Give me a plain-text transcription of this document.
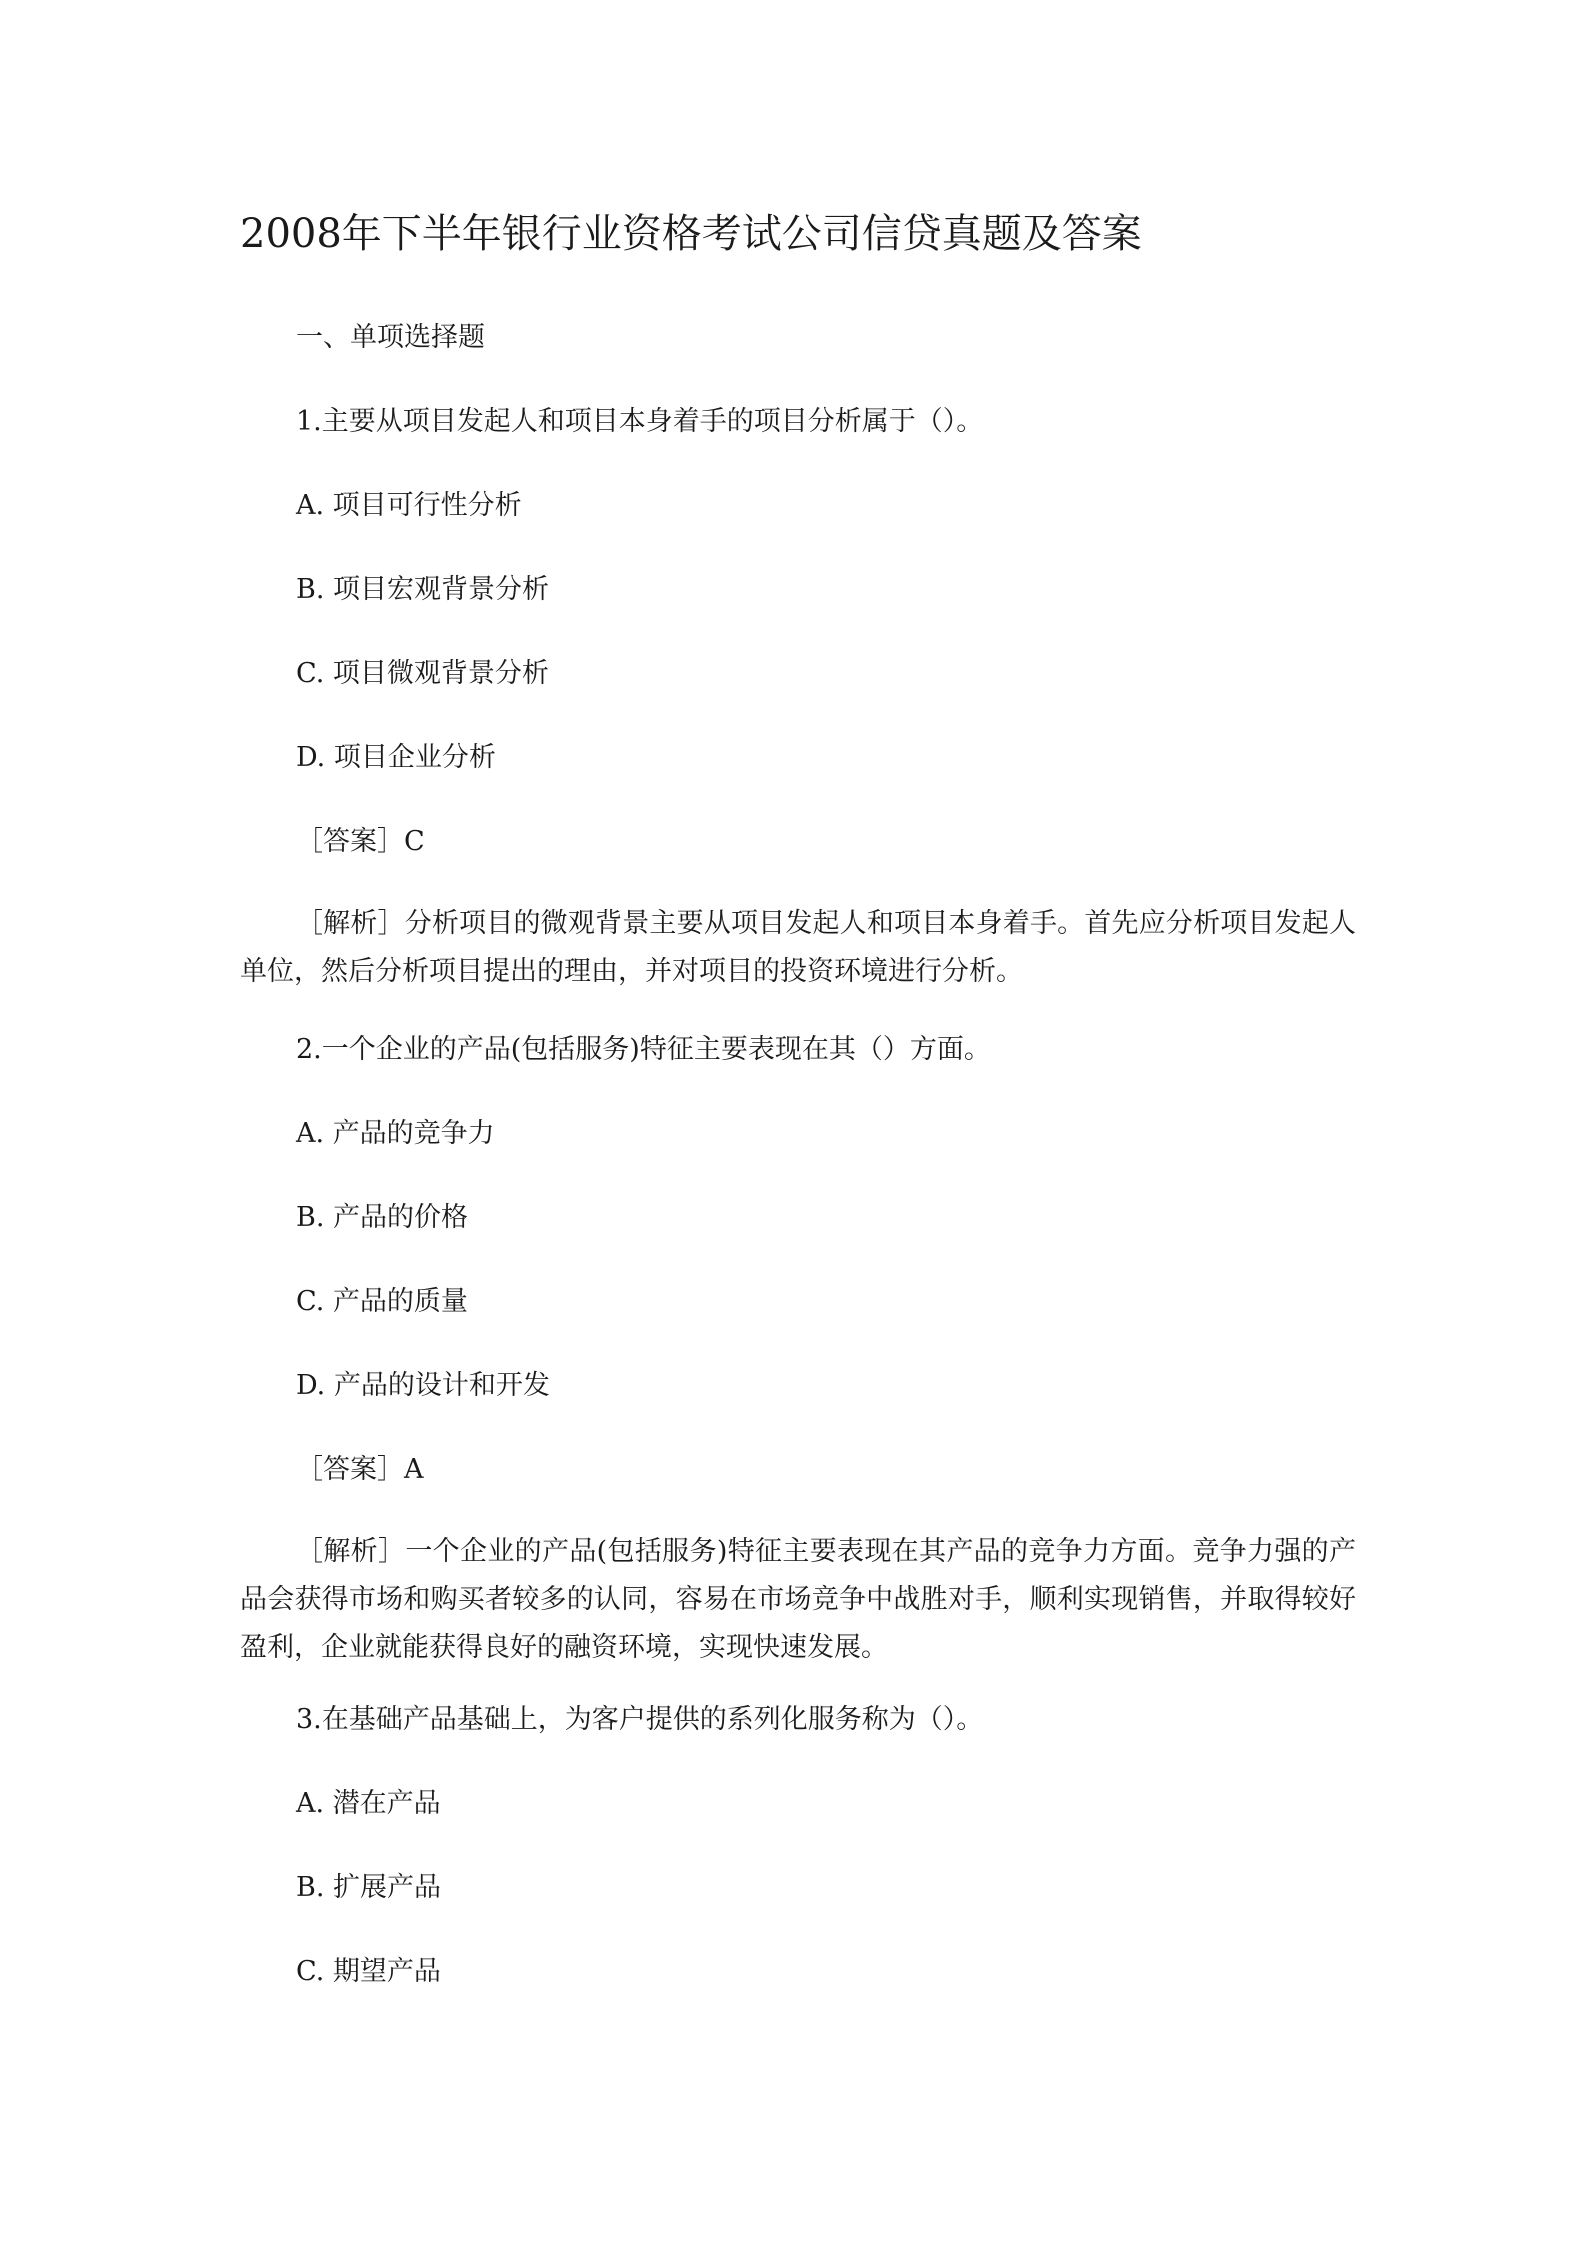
2008年下半年银行业资格考试公司信贷真题及答案
一、单项选择题
1.主要从项目发起人和项目本身着手的项目分析属于（）。
A. 项目可行性分析
B. 项目宏观背景分析
C. 项目微观背景分析
D. 项目企业分析
［答案］C
［解析］分析项目的微观背景主要从项目发起人和项目本身着手。首先应分析项目发起人单位，然后分析项目提出的理由，并对项目的投资环境进行分析。
2.一个企业的产品(包括服务)特征主要表现在其（）方面。
A. 产品的竞争力
B. 产品的价格
C. 产品的质量
D. 产品的设计和开发
［答案］A
［解析］一个企业的产品(包括服务)特征主要表现在其产品的竞争力方面。竞争力强的产品会获得市场和购买者较多的认同，容易在市场竞争中战胜对手，顺利实现销售，并取得较好盈利，企业就能获得良好的融资环境，实现快速发展。
3.在基础产品基础上，为客户提供的系列化服务称为（）。
A. 潜在产品
B. 扩展产品
C. 期望产品
